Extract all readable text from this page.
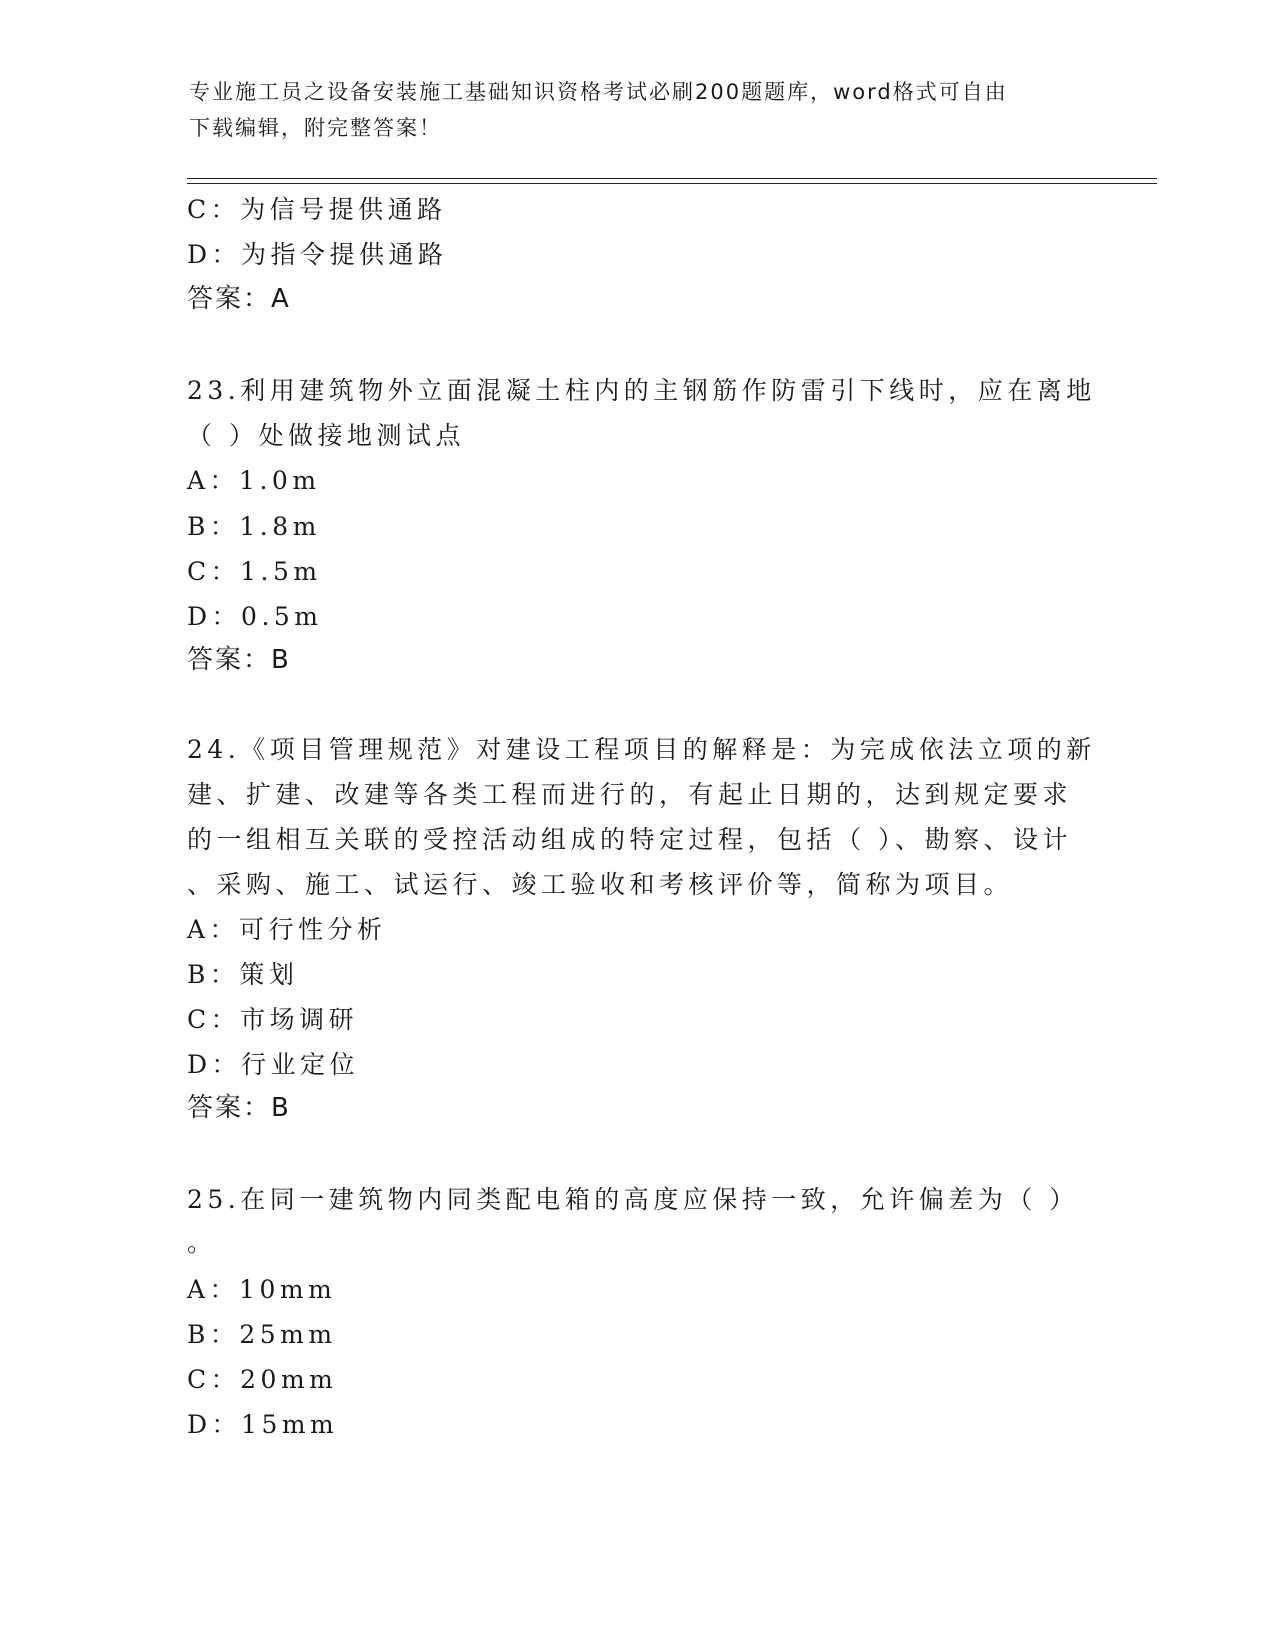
专业施工员之设备安装施工基础知识资格考试必刷200题题库，word格式可自由
下载编辑，附完整答案！
C：为信号提供通路
D：为指令提供通路
答案：A
23.利用建筑物外立面混凝土柱内的主钢筋作防雷引下线时，应在离地
（ ）处做接地测试点
A：1.0m
B：1.8m
C：1.5m
D：0.5m
答案：B
24.《项目管理规范》对建设工程项目的解释是：为完成依法立项的新
建、扩建、改建等各类工程而进行的，有起止日期的，达到规定要求
的一组相互关联的受控活动组成的特定过程，包括（ ）、勘察、设计
、采购、施工、试运行、竣工验收和考核评价等，简称为项目。
A：可行性分析
B：策划
C：市场调研
D：行业定位
答案：B
25.在同一建筑物内同类配电箱的高度应保持一致，允许偏差为（ ）
。
A：10mm
B：25mm
C：20mm
D：15mm
